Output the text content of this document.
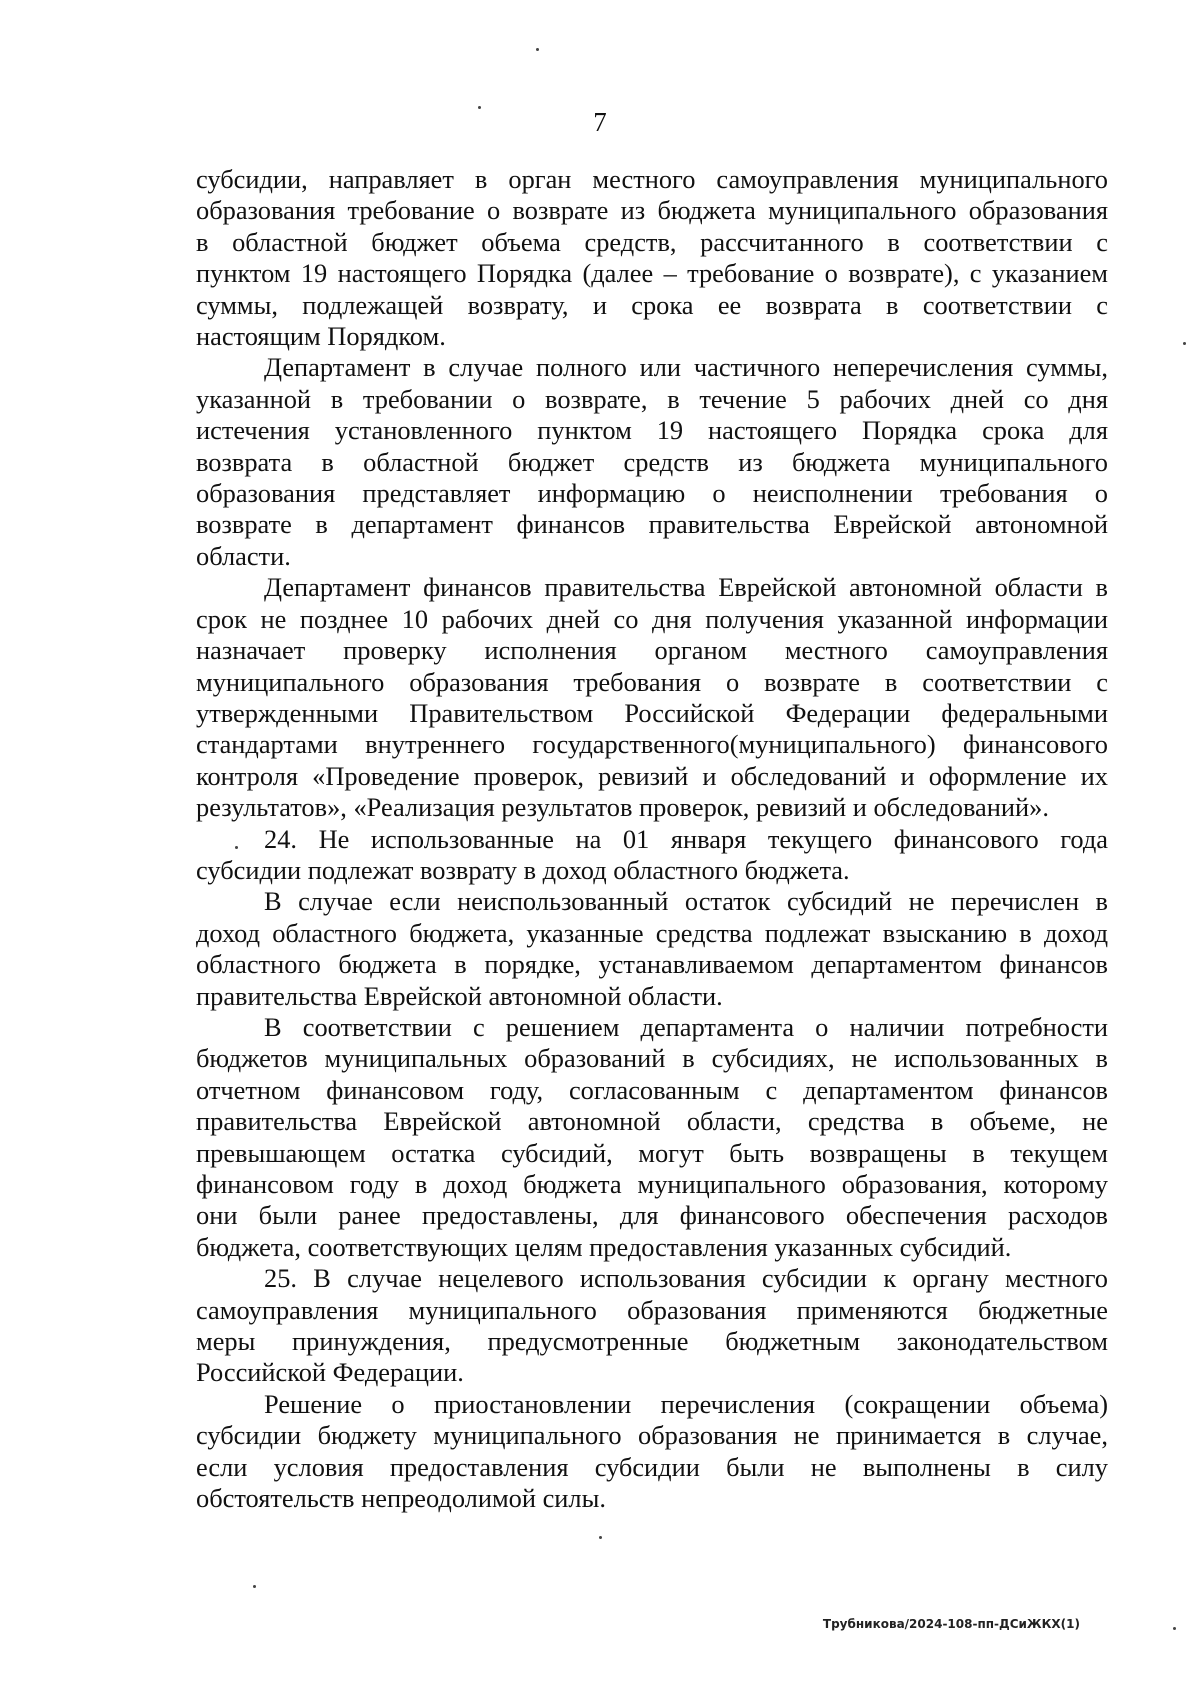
7
субсидии, направляет в орган местного самоуправления муниципального
образования требование о возврате из бюджета муниципального образования
в областной бюджет объема средств, рассчитанного в соответствии с
пунктом 19 настоящего Порядка (далее – требование о возврате), с указанием
суммы, подлежащей возврату, и срока ее возврата в соответствии с
настоящим Порядком.
Департамент в случае полного или частичного неперечисления суммы,
указанной в требовании о возврате, в течение 5 рабочих дней со дня
истечения установленного пунктом 19 настоящего Порядка срока для
возврата в областной бюджет средств из бюджета муниципального
образования представляет информацию о неисполнении требования о
возврате в департамент финансов правительства Еврейской автономной
области.
Департамент финансов правительства Еврейской автономной области в
срок не позднее 10 рабочих дней со дня получения указанной информации
назначает проверку исполнения органом местного самоуправления
муниципального образования требования о возврате в соответствии с
утвержденными Правительством Российской Федерации федеральными
стандартами внутреннего государственного(муниципального) финансового
контроля «Проведение проверок, ревизий и обследований и оформление их
результатов», «Реализация результатов проверок, ревизий и обследований».
24. Не использованные на 01 января текущего финансового года
субсидии подлежат возврату в доход областного бюджета.
В случае если неиспользованный остаток субсидий не перечислен в
доход областного бюджета, указанные средства подлежат взысканию в доход
областного бюджета в порядке, устанавливаемом департаментом финансов
правительства Еврейской автономной области.
В соответствии с решением департамента о наличии потребности
бюджетов муниципальных образований в субсидиях, не использованных в
отчетном финансовом году, согласованным с департаментом финансов
правительства Еврейской автономной области, средства в объеме, не
превышающем остатка субсидий, могут быть возвращены в текущем
финансовом году в доход бюджета муниципального образования, которому
они были ранее предоставлены, для финансового обеспечения расходов
бюджета, соответствующих целям предоставления указанных субсидий.
25. В случае нецелевого использования субсидии к органу местного
самоуправления муниципального образования применяются бюджетные
меры принуждения, предусмотренные бюджетным законодательством
Российской Федерации.
Решение о приостановлении перечисления (сокращении объема)
субсидии бюджету муниципального образования не принимается в случае,
если условия предоставления субсидии были не выполнены в силу
обстоятельств непреодолимой силы.
Трубникова/2024-108-пп-ДСиЖКХ(1)
